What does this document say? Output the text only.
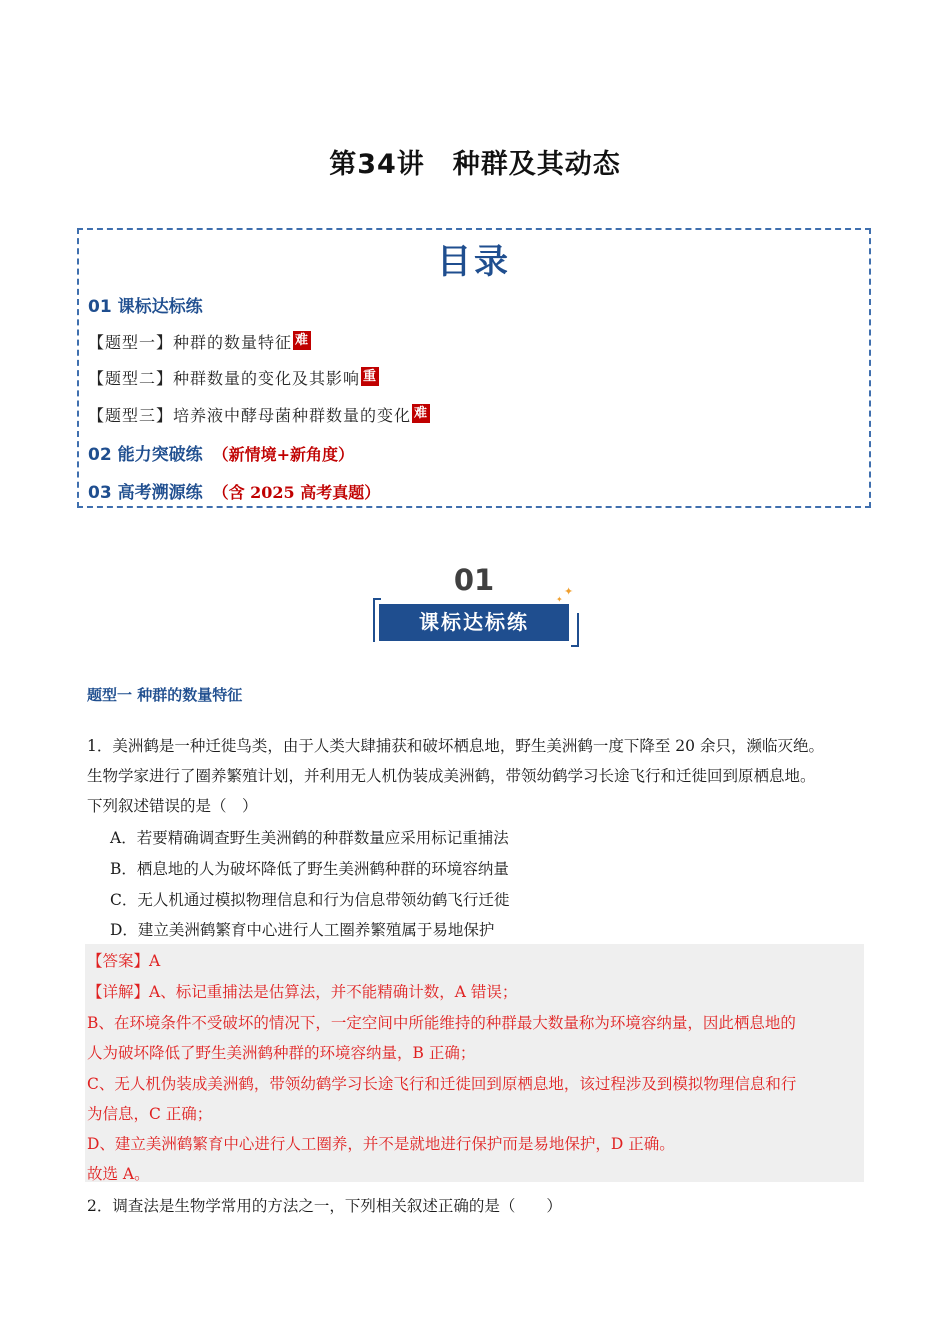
第34讲　种群及其动态
目录
01 课标达标练
【题型一】种群的数量特征 难
【题型二】种群数量的变化及其影响 重
【题型三】培养液中酵母菌种群数量的变化 难
02 能力突破练 （新情境+新角度）
03 高考溯源练 （含 2025 高考真题）
01	✦
✦
课标达标练
题型一 种群的数量特征
1．美洲鹤是一种迁徙鸟类，由于人类大肆捕获和破坏栖息地，野生美洲鹤一度下降至 20 余只，濒临灭绝。
生物学家进行了圈养繁殖计划，并利用无人机伪装成美洲鹤，带领幼鹤学习长途飞行和迁徙回到原栖息地。
下列叙述错误的是（　）
A．若要精确调查野生美洲鹤的种群数量应采用标记重捕法
B．栖息地的人为破坏降低了野生美洲鹤种群的环境容纳量
C．无人机通过模拟物理信息和行为信息带领幼鹤飞行迁徙
D．建立美洲鹤繁育中心进行人工圈养繁殖属于易地保护
【答案】A
【详解】A、标记重捕法是估算法，并不能精确计数，A 错误；
B、在环境条件不受破坏的情况下，一定空间中所能维持的种群最大数量称为环境容纳量，因此栖息地的
人为破坏降低了野生美洲鹤种群的环境容纳量，B 正确；
C、无人机伪装成美洲鹤，带领幼鹤学习长途飞行和迁徙回到原栖息地，该过程涉及到模拟物理信息和行
为信息，C 正确；
D、建立美洲鹤繁育中心进行人工圈养，并不是就地进行保护而是易地保护，D 正确。
故选 A。
2．调查法是生物学常用的方法之一，下列相关叙述正确的是（　　）
